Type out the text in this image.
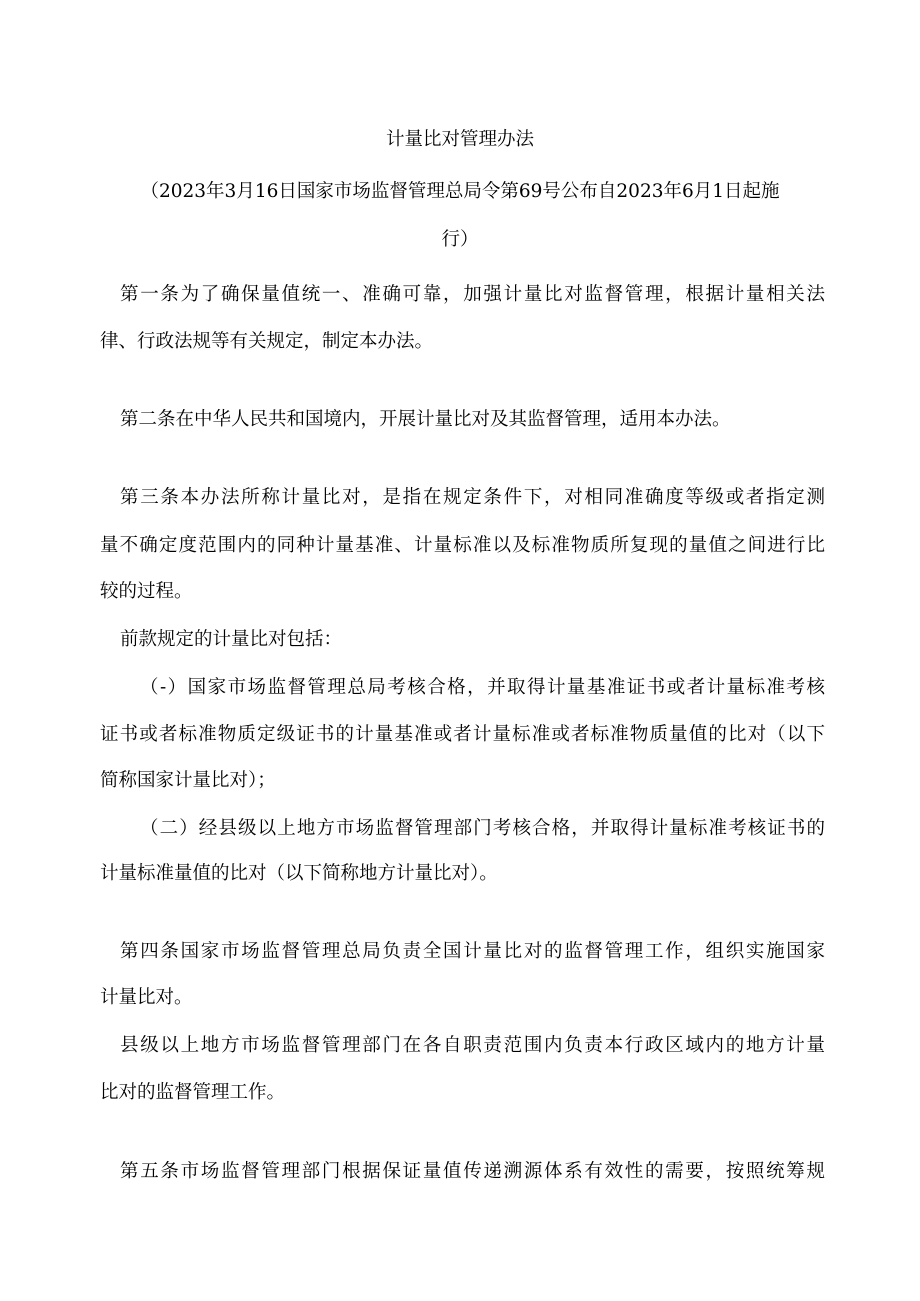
计量比对管理办法

（2023年3月16日国家市场监督管理总局令第69号公布自2023年6月1日起施

行）

第一条为了确保量值统一、准确可靠，加强计量比对监督管理，根据计量相关法

律、行政法规等有关规定，制定本办法。

第二条在中华人民共和国境内，开展计量比对及其监督管理，适用本办法。

第三条本办法所称计量比对，是指在规定条件下，对相同准确度等级或者指定测

量不确定度范围内的同种计量基准、计量标准以及标准物质所复现的量值之间进行比

较的过程。

前款规定的计量比对包括：

（-）国家市场监督管理总局考核合格，并取得计量基准证书或者计量标准考核

证书或者标准物质定级证书的计量基准或者计量标准或者标准物质量值的比对（以下

简称国家计量比对）；

（二）经县级以上地方市场监督管理部门考核合格，并取得计量标准考核证书的

计量标准量值的比对（以下简称地方计量比对）。

第四条国家市场监督管理总局负责全国计量比对的监督管理工作，组织实施国家

计量比对。

县级以上地方市场监督管理部门在各自职责范围内负责本行政区域内的地方计量

比对的监督管理工作。

第五条市场监督管理部门根据保证量值传递溯源体系有效性的需要，按照统筹规
